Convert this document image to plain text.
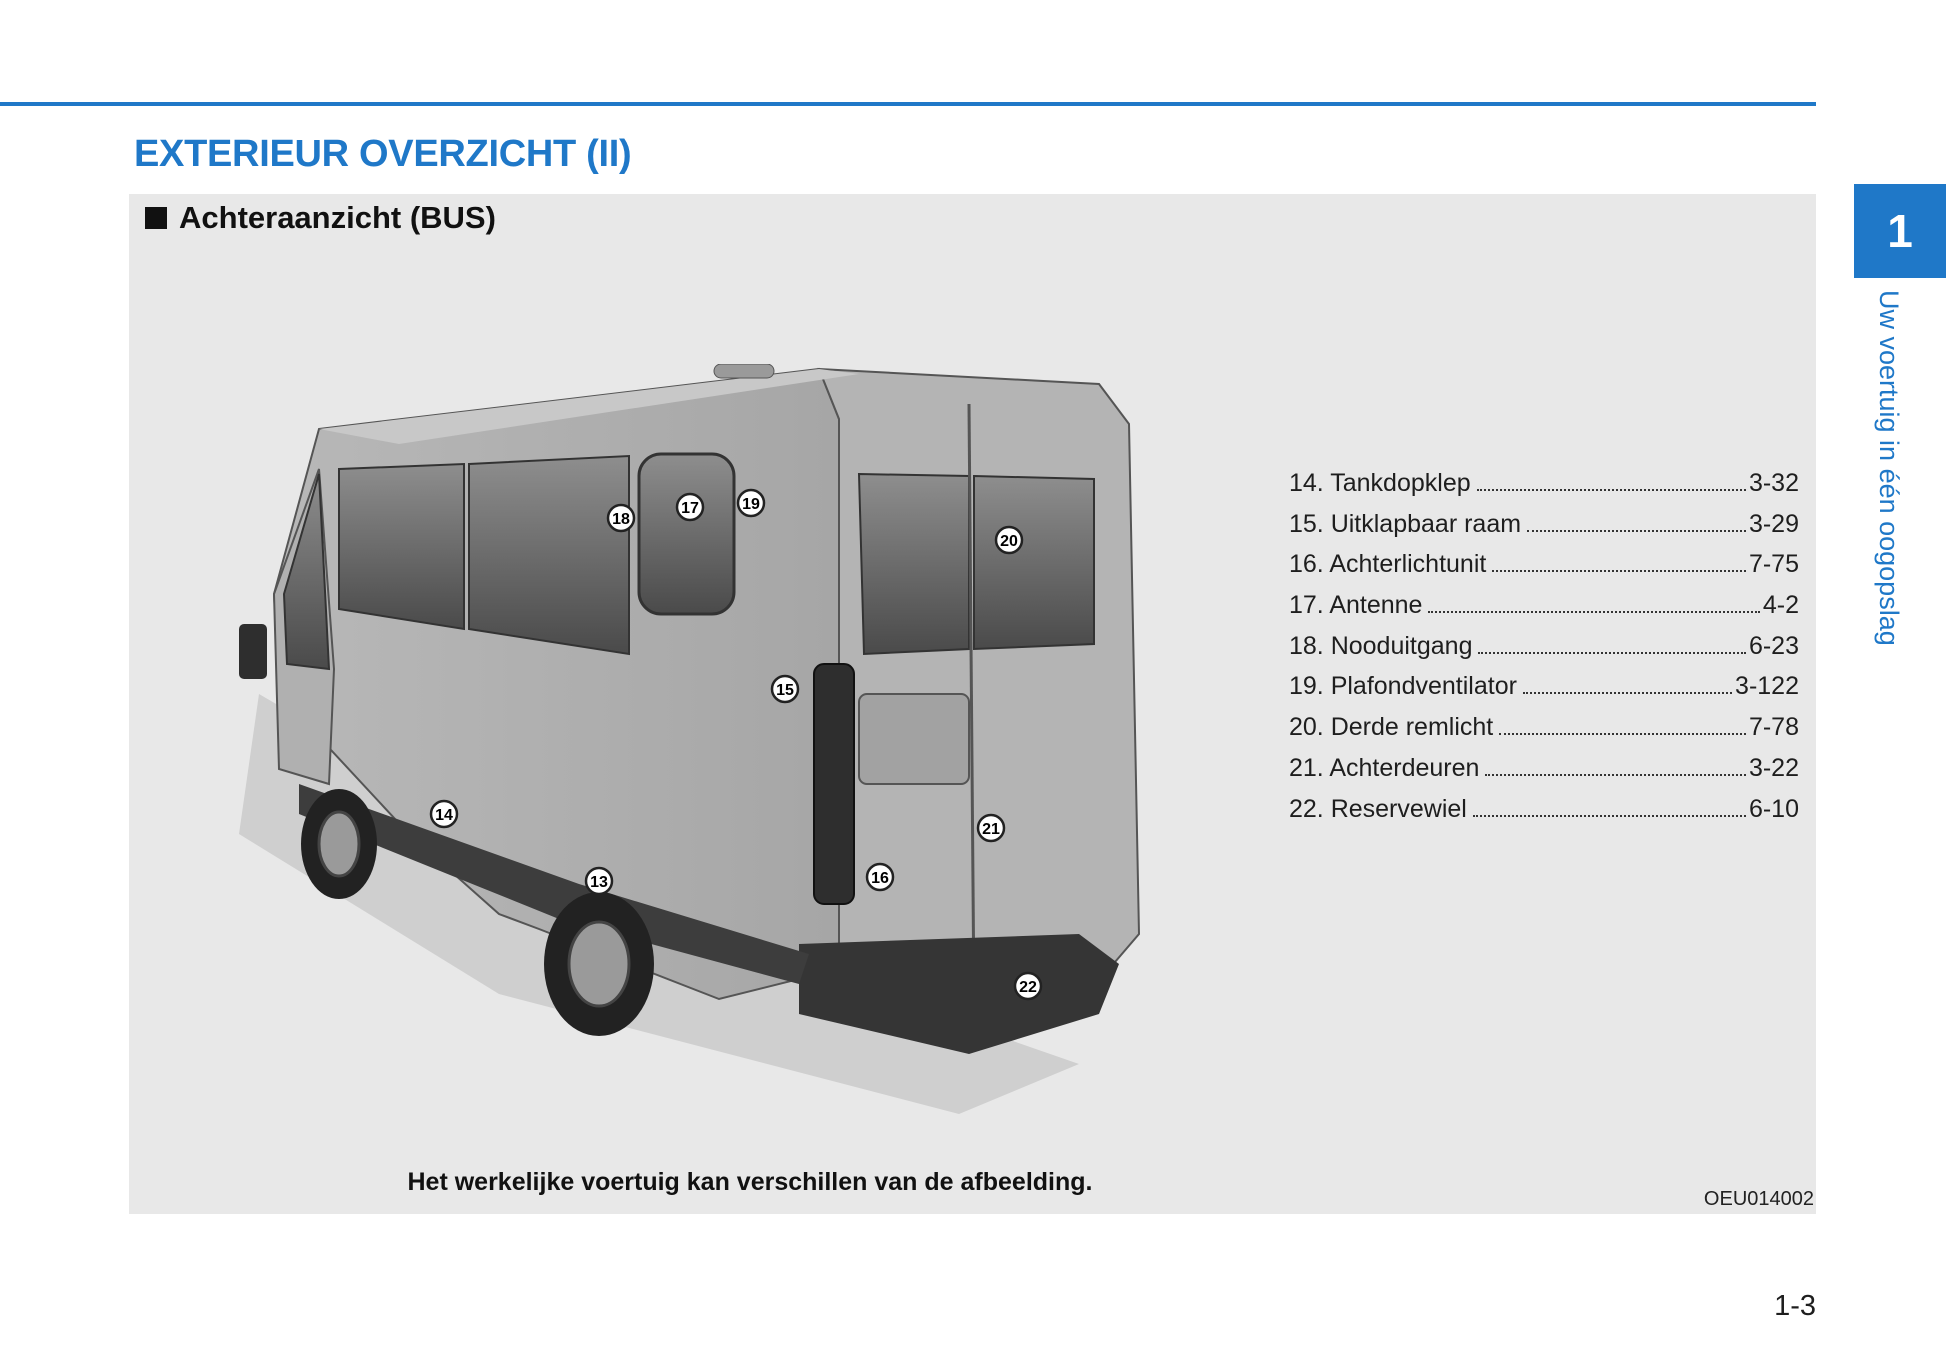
EXTERIEUR OVERZICHT (II)
1
Uw voertuig in één oogopslag
Achteraanzicht (BUS)
13
14
15
16
17
18
19
20
21
22
14. Tankdopklep	3-32
15. Uitklapbaar raam	3-29
16. Achterlichtunit	7-75
17. Antenne	4-2
18. Nooduitgang	6-23
19. Plafondventilator	3-122
20. Derde remlicht	7-78
21. Achterdeuren	3-22
22. Reservewiel	6-10
Het werkelijke voertuig kan verschillen van de afbeelding.
OEU014002
1-3
